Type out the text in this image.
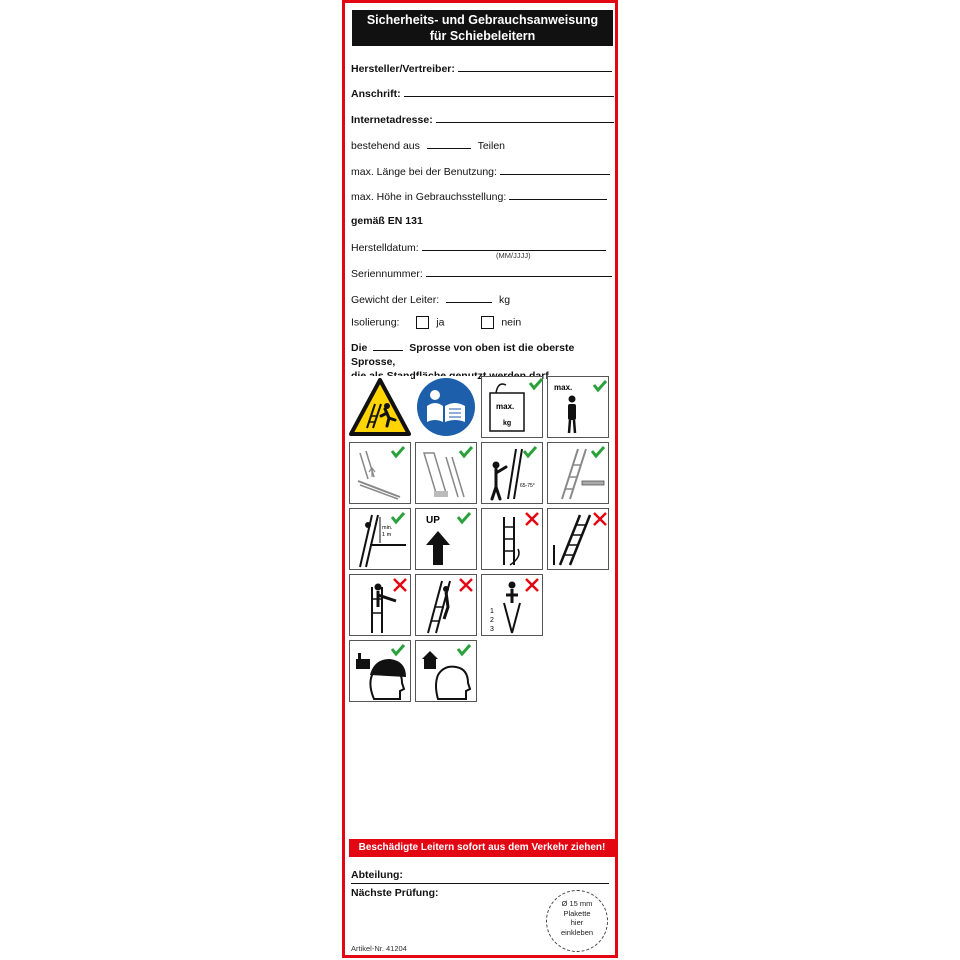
Sicherheits- und Gebrauchsanweisung
für Schiebeleitern
Hersteller/Vertreiber:
Anschrift:
Internetadresse:
bestehend aus	Teilen
max. Länge bei der Benutzung:
max. Höhe in Gebrauchsstellung:
gemäß EN 131
Herstelldatum:
(MM/JJJJ)
Seriennummer:
Gewicht der Leiter:	kg
Isolierung:	ja	nein
Die	Sprosse von oben ist die oberste Sprosse,

max.
kg
max.
65-75°
min.
1 m
UP
1
2
3
Beschädigte Leitern sofort aus dem Verkehr ziehen!
Abteilung:
Nächste Prüfung:
Ø 15 mm
Plakette
hier
einkleben
Artikel-Nr. 41204
